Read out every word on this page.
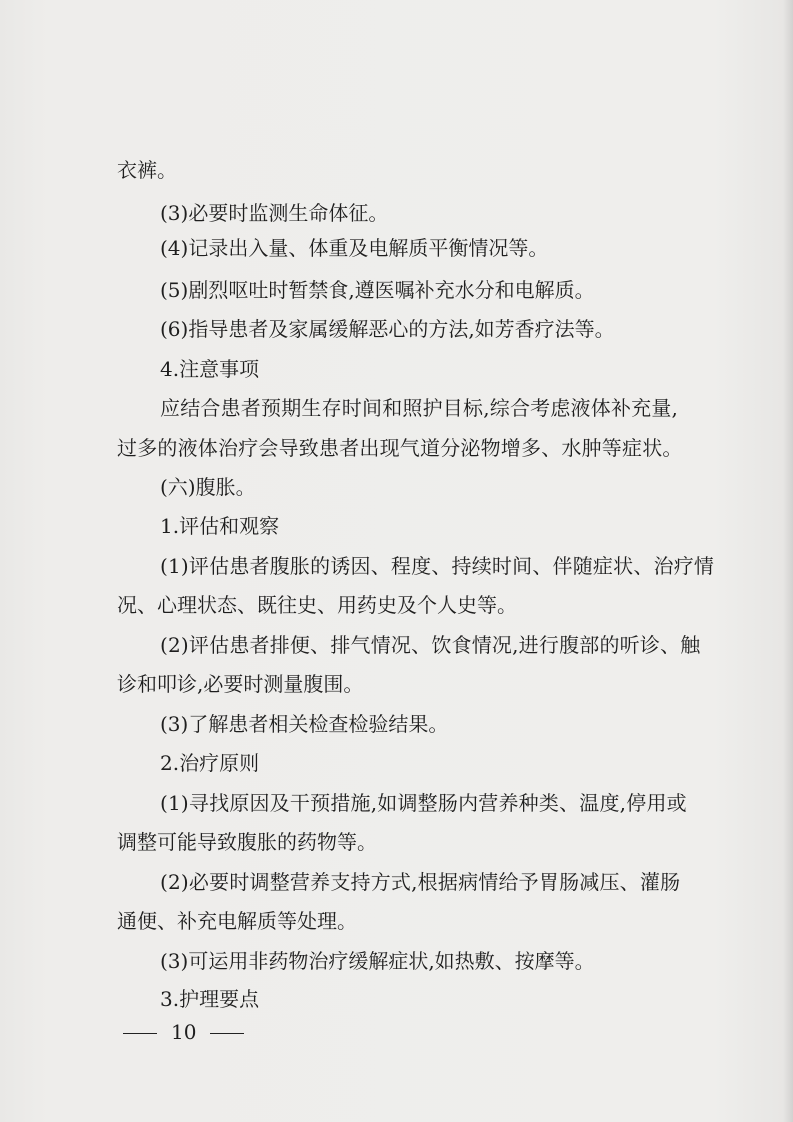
衣裤。

(3)必要时监测生命体征。

(4)记录出入量、体重及电解质平衡情况等。

(5)剧烈呕吐时暂禁食,遵医嘱补充水分和电解质。

(6)指导患者及家属缓解恶心的方法,如芳香疗法等。

4.注意事项

应结合患者预期生存时间和照护目标,综合考虑液体补充量,

过多的液体治疗会导致患者出现气道分泌物增多、水肿等症状。

(六)腹胀。

1.评估和观察

(1)评估患者腹胀的诱因、程度、持续时间、伴随症状、治疗情

况、心理状态、既往史、用药史及个人史等。

(2)评估患者排便、排气情况、饮食情况,进行腹部的听诊、触

诊和叩诊,必要时测量腹围。

(3)了解患者相关检查检验结果。

2.治疗原则

(1)寻找原因及干预措施,如调整肠内营养种类、温度,停用或

调整可能导致腹胀的药物等。

(2)必要时调整营养支持方式,根据病情给予胃肠减压、灌肠

通便、补充电解质等处理。

(3)可运用非药物治疗缓解症状,如热敷、按摩等。

3.护理要点

10
